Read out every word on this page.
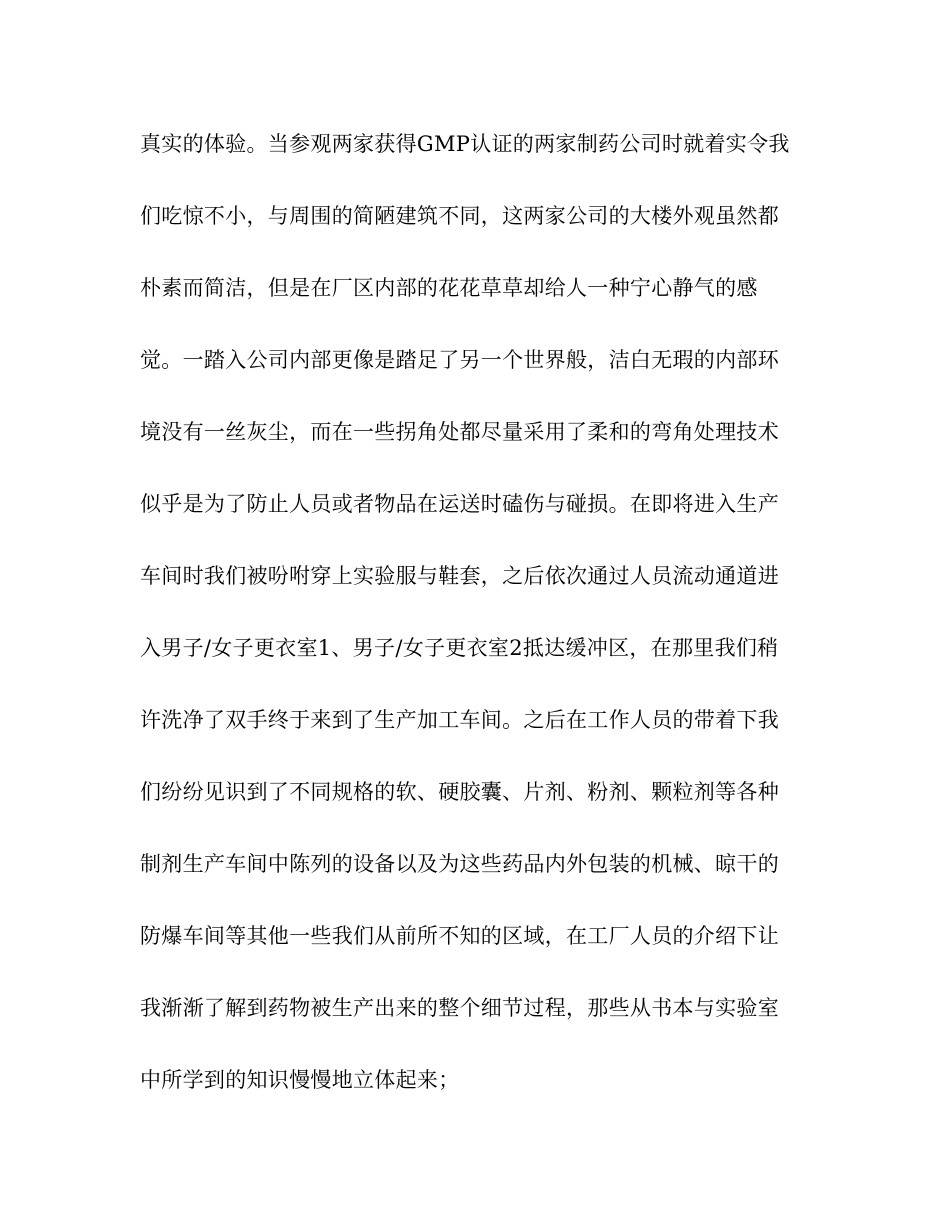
真实的体验。当参观两家获得GMP认证的两家制药公司时就着实令我
们吃惊不小，与周围的简陋建筑不同，这两家公司的大楼外观虽然都
朴素而简洁，但是在厂区内部的花花草草却给人一种宁心静气的感
觉。一踏入公司内部更像是踏足了另一个世界般，洁白无瑕的内部环
境没有一丝灰尘，而在一些拐角处都尽量采用了柔和的弯角处理技术
似乎是为了防止人员或者物品在运送时磕伤与碰损。在即将进入生产
车间时我们被吩咐穿上实验服与鞋套，之后依次通过人员流动通道进
入男子/女子更衣室1、男子/女子更衣室2抵达缓冲区，在那里我们稍
许洗净了双手终于来到了生产加工车间。之后在工作人员的带着下我
们纷纷见识到了不同规格的软、硬胶囊、片剂、粉剂、颗粒剂等各种
制剂生产车间中陈列的设备以及为这些药品内外包装的机械、晾干的
防爆车间等其他一些我们从前所不知的区域，在工厂人员的介绍下让
我渐渐了解到药物被生产出来的整个细节过程，那些从书本与实验室
中所学到的知识慢慢地立体起来；
